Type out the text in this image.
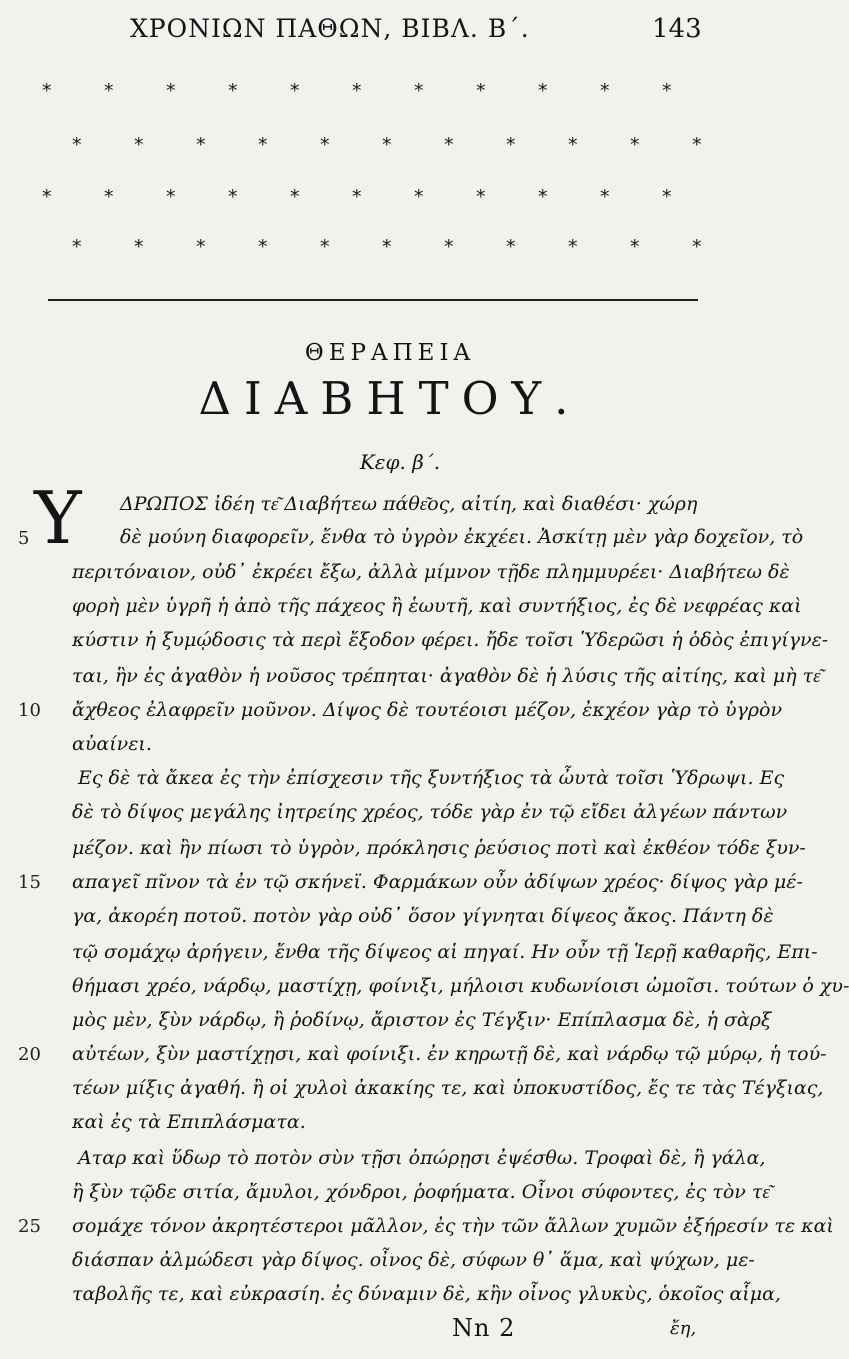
ΧΡΟΝΙΩΝ ΠΑΘΩΝ, ΒΙΒΛ. Β΄.	143
*	*	*	*	*	*	*	*	*	*	*
*	*	*	*	*	*	*	*	*	*	*
*	*	*	*	*	*	*	*	*	*	*
*	*	*	*	*	*	*	*	*	*	*
ΘΕΡΑΠΕΙΑ
ΔΙΑΒΗΤΟΥ.
Κεφ. β΄.
Υ ΔΡΩΠΟΣ ἰδέη τε͂ Διαβήτεω πάθε͂ος, αἰτίη, καὶ διαθέσι· χώρη
δὲ μούνη διαφορεῖν, ἔνθα τὸ ὑγρὸν ἐκχέει. Ἀσκίτῃ μὲν γὰρ δοχεῖον, τὸ
περιτόναιον, οὐδ᾽ ἐκρέει ἔξω, ἀλλὰ μίμνον τῇδε πλημμυρέει· Διαβήτεω δὲ
φορὴ μὲν ὑγρῆ ἡ ἀπὸ τῆς πάχεος ἢ ἑωυτῆ, καὶ συντήξιος, ἐς δὲ νεφρέας καὶ
κύστιν ἡ ξυμῴδοσις τὰ περὶ ἔξοδον φέρει. ἤδε τοῖσι Ὑδερῶσι ἡ ὁδὸς ἐπιγίγνε-
ται, ἣν ἐς ἀγαθὸν ἡ νοῦσος τρέπηται· ἀγαθὸν δὲ ἡ λύσις τῆς αἰτίης, καὶ μὴ τε͂
ἄχθεος ἐλαφρεῖν μοῦνον. Δίψος δὲ τουτέοισι μέζον, ἐκχέον γὰρ τὸ ὑγρὸν
αὐαίνει.
Ες δὲ τὰ ἄκεα ἐς τὴν ἐπίσχεσιν τῆς ξυντήξιος τὰ ὦυτὰ τοῖσι Ὑδρωψι. Ες
δὲ τὸ δίψος μεγάλης ἰητρείης χρέος, τόδε γὰρ ἐν τῷ εἴδει ἀλγέων πάντων
μέζον. καὶ ἢν πίωσι τὸ ὑγρὸν, πρόκλησις ῥεύσιος ποτὶ καὶ ἐκθέον τόδε ξυν-
απαγεῖ πῖνον τὰ ἐν τῷ σκήνεϊ. Φαρμάκων οὖν ἀδίψων χρέος· δίψος γὰρ μέ-
γα, ἀκορέη ποτοῦ. ποτὸν γὰρ οὐδ᾽ ὅσον γίγνηται δίψεος ἄκος. Πάντη δὲ
τῷ σομάχῳ ἀρήγειν, ἔνθα τῆς δίψεος αἱ πηγαί. Ην οὖν τῇ Ἱερῇ καθαρῆς, Επι-
θήμασι χρέο, νάρδῳ, μαστίχῃ, φοίνιξι, μήλοισι κυδωνίοισι ὠμοῖσι. τούτων ὁ χυ-
μὸς μὲν, ξὺν νάρδῳ, ἢ ῥοδίνῳ, ἄριστον ἐς Τέγξιν· Επίπλασμα δὲ, ἡ σὰρξ
αὐτέων, ξὺν μαστίχῃσι, καὶ φοίνιξι. ἐν κηρωτῇ δὲ, καὶ νάρδῳ τῷ μύρῳ, ἡ τού-
τέων μίξις ἀγαθή. ἢ οἱ χυλοὶ ἀκακίης τε, καὶ ὑποκυστίδος, ἔς τε τὰς Τέγξιας,
καὶ ἐς τὰ Επιπλάσματα.
Αταρ καὶ ὕδωρ τὸ ποτὸν σὺν τῇσι ὀπώρῃσι ἐψέσθω. Τροφαὶ δὲ, ἢ γάλα,
ἢ ξὺν τῷδε σιτία, ἄμυλοι, χόνδροι, ῥοφήματα. Οἶνοι σύφοντες, ἐς τὸν τε͂
σομάχε τόνον ἀκρητέστεροι μᾶλλον, ἐς τὴν τῶν ἄλλων χυμῶν ἐξήρεσίν τε καὶ
διάσπαν ἀλμώδεσι γὰρ δίψος. οἶνος δὲ, σύφων θ᾽ ἅμα, καὶ ψύχων, με-
ταβολῆς τε, καὶ εὐκρασίη. ἐς δύναμιν δὲ, κἢν οἶνος γλυκὺς, ὁκοῖος αἷμα,
5
10
15
20
25
Nn 2	ἔη,
